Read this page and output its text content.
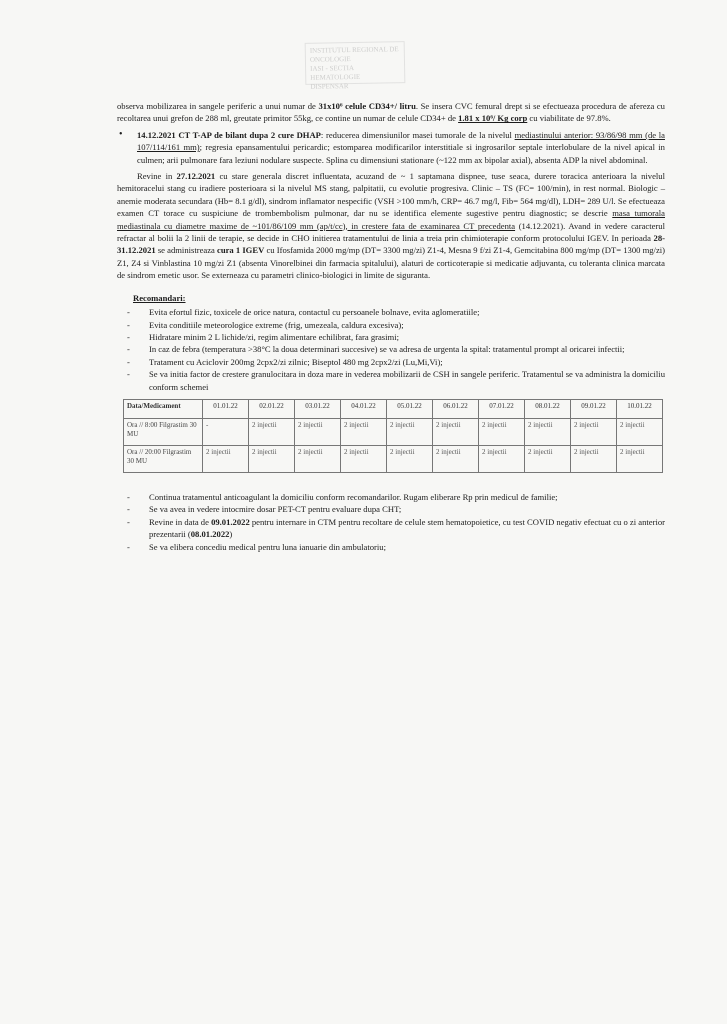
INSTITUTUL REGIONAL DE ONCOLOGIE
IASI - SECTIA HEMATOLOGIE
DISPENSAR

observa mobilizarea in sangele periferic a unui numar de 31x10⁶ celule CD34+/ litru. Se insera CVC femural drept si se efectueaza procedura de afereza cu recoltarea unui grefon de 288 ml, greutate primitor 55kg, ce contine un numar de celule CD34+ de 1.81 x 10⁶/ Kg corp cu viabilitate de 97.8%.

• 14.12.2021 CT T-AP de bilant dupa 2 cure DHAP: reducerea dimensiunilor masei tumorale de la nivelul mediastinului anterior: 93/86/98 mm (de la 107/114/161 mm); regresia epansamentului pericardic; estomparea modificarilor interstitiale si ingrosarilor septale interlobulare de la nivel apical in culmen; arii pulmonare fara leziuni nodulare suspecte. Splina cu dimensiuni stationare (~122 mm ax bipolar axial), absenta ADP la nivel abdominal.

Revine in 27.12.2021 cu stare generala discret influentata, acuzand de ~ 1 saptamana dispnee, tuse seaca, durere toracica anterioara la nivelul hemitoracelui stang cu iradiere posterioara si la nivelul MS stang, palpitatii, cu evolutie progresiva. Clinic – TS (FC= 100/min), in rest normal. Biologic – anemie moderata secundara (Hb= 8.1 g/dl), sindrom inflamator nespecific (VSH >100 mm/h, CRP= 46.7 mg/l, Fib= 564 mg/dl), LDH= 289 U/l. Se efectueaza examen CT torace cu suspiciune de trombembolism pulmonar, dar nu se identifica elemente sugestive pentru diagnostic; se descrie masa tumorala mediastinala cu diametre maxime de ~101/86/109 mm (ap/t/cc), in crestere fata de examinarea CT precedenta (14.12.2021). Avand in vedere caracterul refractar al bolii la 2 linii de terapie, se decide in CHO initierea tratamentului de linia a treia prin chimioterapie conform protocolului IGEV. In perioada 28-31.12.2021 se administreaza cura 1 IGEV cu Ifosfamida 2000 mg/mp (DT= 3300 mg/zi) Z1-4, Mesna 9 f/zi Z1-4, Gemcitabina 800 mg/mp (DT= 1300 mg/zi) Z1, Z4 si Vinblastina 10 mg/zi Z1 (absenta Vinorelbinei din farmacia spitalului), alaturi de corticoterapie si medicatie adjuvanta, cu toleranta clinica marcata de sindrom emetic usor. Se externeaza cu parametri clinico-biologici in limite de siguranta.

Recomandari:
- Evita efortul fizic, toxicele de orice natura, contactul cu persoanele bolnave, evita aglomeratiile;
- Evita conditiile meteorologice extreme (frig, umezeala, caldura excesiva);
- Hidratare minim 2 L lichide/zi, regim alimentare echilibrat, fara grasimi;
- In caz de febra (temperatura >38°C la doua determinari succesive) se va adresa de urgenta la spital: tratamentul prompt al oricarei infectii;
- Tratament cu Aciclovir 200mg 2cpx2/zi zilnic; Biseptol 480 mg 2cpx2/zi (Lu,Mi,Vi);
- Se va initia factor de crestere granulocitara in doza mare in vederea mobilizarii de CSH in sangele periferic. Tratamentul se va administra la domiciliu conform schemei
Data/Medicament	01.01.22	02.01.22	03.01.22	04.01.22	05.01.22	06.01.22	07.01.22	08.01.22	09.01.22	10.01.22
Ora // 8:00 Filgrastim 30 MU	-	2 injectii	2 injectii	2 injectii	2 injectii	2 injectii	2 injectii	2 injectii	2 injectii	2 injectii
Ora // 20:00 Filgrastim 30 MU	2 injectii	2 injectii	2 injectii	2 injectii	2 injectii	2 injectii	2 injectii	2 injectii	2 injectii	2 injectii
- Continua tratamentul anticoagulant la domiciliu conform recomandarilor. Rugam eliberare Rp prin medicul de familie;
- Se va avea in vedere intocmire dosar PET-CT pentru evaluare dupa CHT;
- Revine in data de 09.01.2022 pentru internare in CTM pentru recoltare de celule stem hematopoietice, cu test COVID negativ efectuat cu o zi anterior prezentarii (08.01.2022)
- Se va elibera concediu medical pentru luna ianuarie din ambulatoriu;
